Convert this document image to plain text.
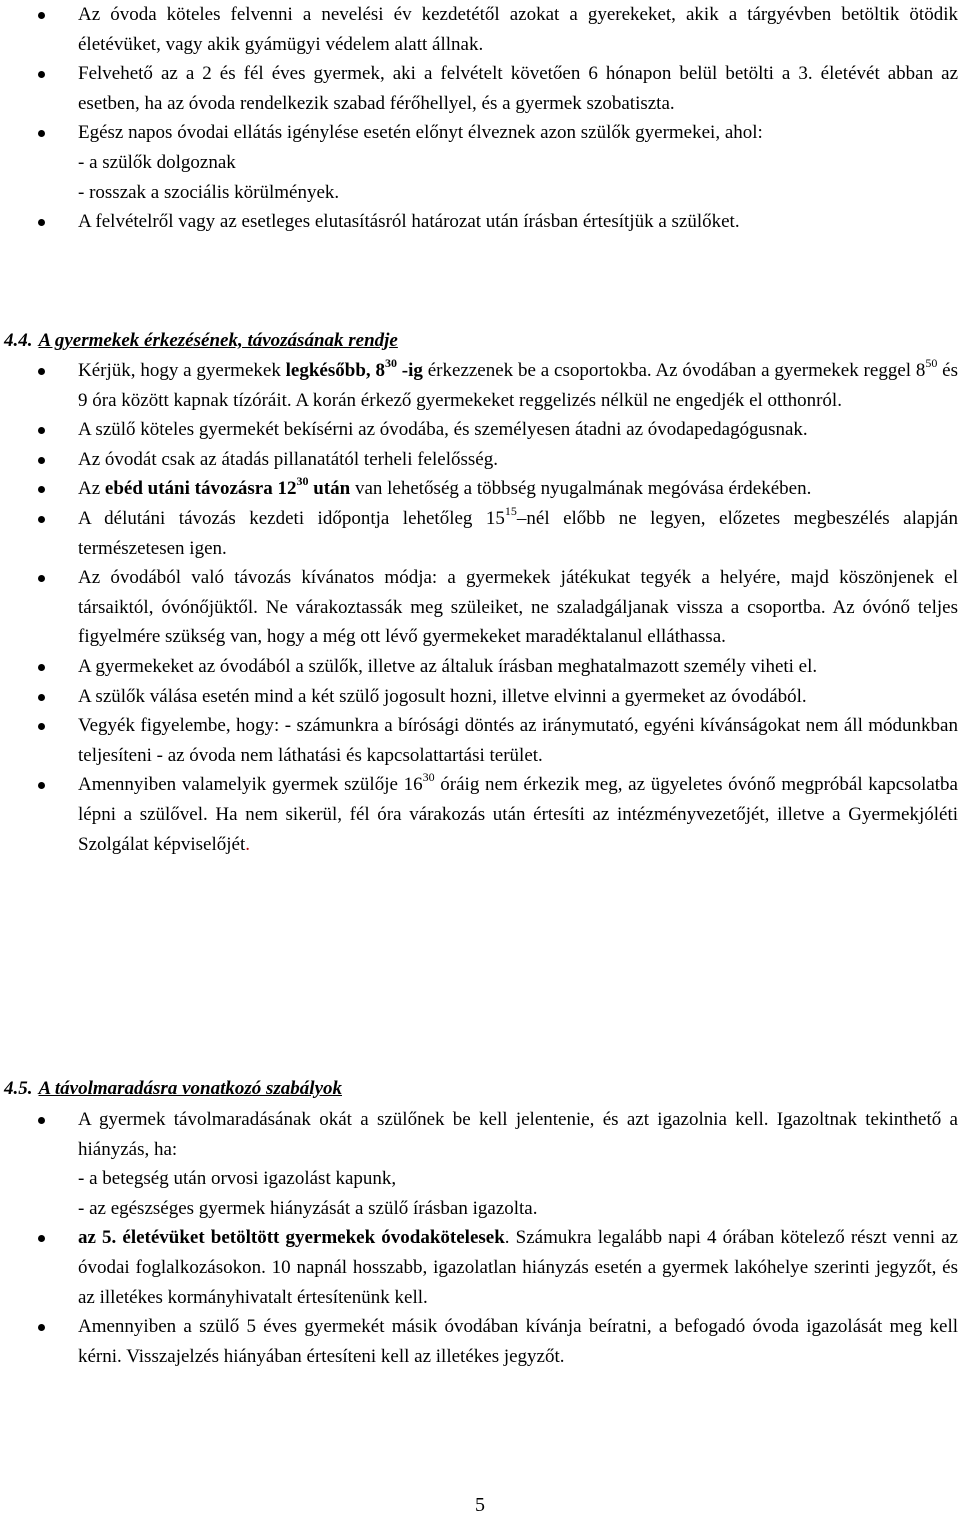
Az óvoda köteles felvenni a nevelési év kezdetétől azokat a gyerekeket, akik a tárgyévben betöltik ötödik életévüket, vagy akik gyámügyi védelem alatt állnak.
Felvehető az a 2 és fél éves gyermek, aki a felvételt követően 6 hónapon belül betölti a 3. életévét abban az esetben, ha az óvoda rendelkezik szabad férőhellyel, és a gyermek szobatiszta.
Egész napos óvodai ellátás igénylése esetén előnyt élveznek azon szülők gyermekei, ahol:
- a szülők dolgoznak
- rosszak a szociális körülmények.
A felvételről vagy az esetleges elutasításról határozat után írásban értesítjük a szülőket.
4.4. A gyermekek érkezésének, távozásának rendje
Kérjük, hogy a gyermekek legkésőbb, $8^{30}$ -ig érkezzenek be a csoportokba. Az óvodában a gyermekek reggel $8^{50}$ és 9 óra között kapnak tízóráit. A korán érkező gyermekeket reggelizés nélkül ne engedjék el otthonról.
A szülő köteles gyermekét bekísérni az óvodába, és személyesen átadni az óvodapedagógusnak.
Az óvodát csak az átadás pillanatától terheli felelősség.
Az ebéd utáni távozásra $12^{30}$ után van lehetőség a többség nyugalmának megóvása érdekében.
A délutáni távozás kezdeti időpontja lehetőleg $15^{15}$–nél előbb ne legyen, előzetes megbeszélés alapján természetesen igen.
Az óvodából való távozás kívánatos módja: a gyermekek játékukat tegyék a helyére, majd köszönjenek el társaiktól, óvónőjüktől. Ne várakoztassák meg szüleiket, ne szaladgáljanak vissza a csoportba. Az óvónő teljes figyelmére szükség van, hogy a még ott lévő gyermekeket maradéktalanul elláthassa.
A gyermekeket az óvodából a szülők, illetve az általuk írásban meghatalmazott személy viheti el.
A szülők válása esetén mind a két szülő jogosult hozni, illetve elvinni a gyermeket az óvodából.
Vegyék figyelembe, hogy: - számunkra a bírósági döntés az iránymutató, egyéni kívánságokat nem áll módunkban teljesíteni - az óvoda nem láthatási és kapcsolattartási terület.
Amennyiben valamelyik gyermek szülője $16^{30}$ óráig nem érkezik meg, az ügyeletes óvónő megpróbál kapcsolatba lépni a szülővel. Ha nem sikerül, fél óra várakozás után értesíti az intézményvezetőjét, illetve a Gyermekjóléti Szolgálat képviselőjét.
4.5. A távolmaradásra vonatkozó szabályok
A gyermek távolmaradásának okát a szülőnek be kell jelentenie, és azt igazolnia kell. Igazoltnak tekinthető a hiányzás, ha:
- a betegség után orvosi igazolást kapunk,
- az egészséges gyermek hiányzását a szülő írásban igazolta.
az 5. életévüket betöltött gyermekek óvodakötelesek. Számukra legalább napi 4 órában kötelező részt venni az óvodai foglalkozásokon. 10 napnál hosszabb, igazolatlan hiányzás esetén a gyermek lakóhelye szerinti jegyzőt, és az illetékes kormányhivatalt értesítenünk kell.
Amennyiben a szülő 5 éves gyermekét másik óvodában kívánja beíratni, a befogadó óvoda igazolását meg kell kérni. Visszajelzés hiányában értesíteni kell az illetékes jegyzőt.
5
